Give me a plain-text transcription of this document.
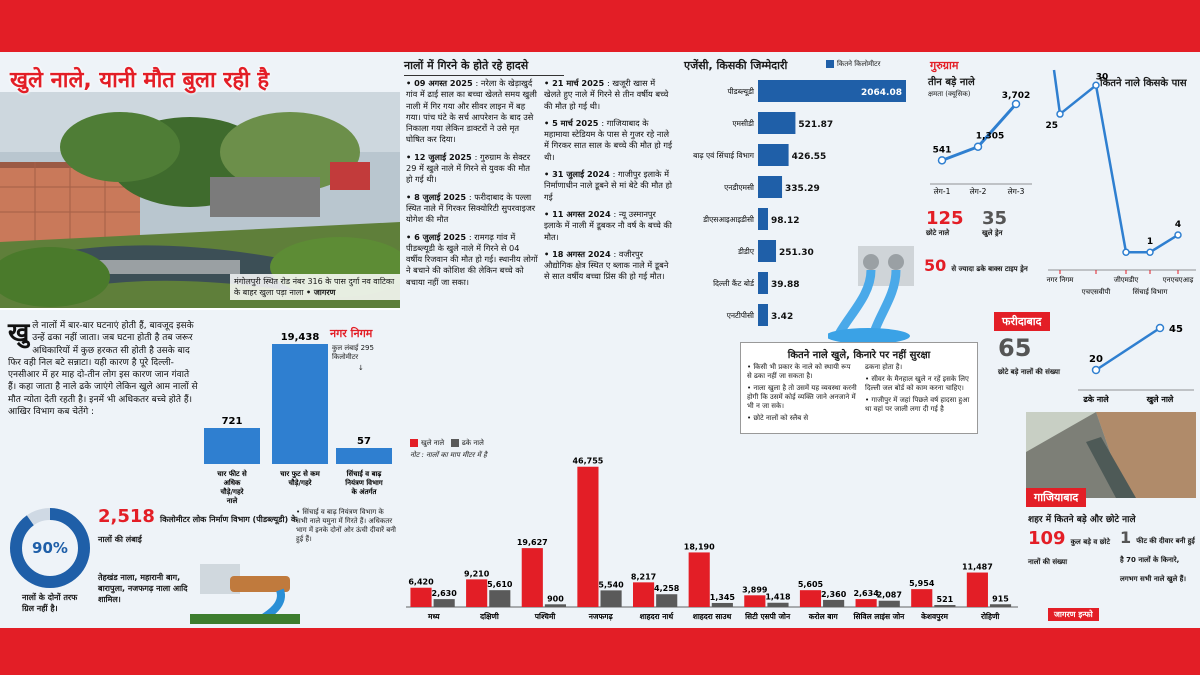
खुले नाले, यानी मौत बुला रही है
मंगोलपुरी स्थित रोड नंबर 316 के पास दुर्गा नव वाटिका के बाहर खुला पड़ा नाला • जागरण
खुले नालों में बार-बार घटनाएं होती हैं, बावजूद इसके उन्हें ढका नहीं जाता। जब घटना होती है तब जरूर अधिकारियों में कुछ हरकत सी होती है उसके बाद फिर वही निल बटे सन्नाटा। यही कारण है पूरे दिल्ली-एनसीआर में हर माह दो-तीन लोग इस कारण जान गंवाते हैं। कहा जाता है नाले ढके जाएंगे लेकिन खुले आम नालों से मौत न्योता देती रहती है। इनमें भी अधिकतर बच्चे होते हैं। आखिर विभाग कब चेतेंगे :
नगर निगम
कुल लंबाई 295 किलोमीटर
↓
721
चार फीट से
अधिक
चौड़े/गहरे
नाले
19,438
चार फुट से कम
चौड़े/गहरे
57
सिंचाई व बाढ़
नियंत्रण विभाग
के अंतर्गत
90%
नालों के दोनों तरफ ग्रिल नहीं है।
2,518 किलोमीटर लोक निर्माण विभाग (पीडब्ल्यूडी) के नालों की लंबाई
तेहखंड नाला, महारानी बाग, बारापुला, नजफगढ़ नाला आदि शामिल।
• सिंचाई व बाढ़ नियंत्रण विभाग के सभी नाले यमुना में गिरते हैं। अधिकतर भाग में इनके दोनों ओर ऊंची दीवारें बनी हुई हैं।
नालों में गिरने के होते रहे हादसे
• 09 अगस्त 2025 : नरेला के खेड़ाखुर्द गांव में ढाई साल का बच्चा खेलते समय खुली नाली में गिर गया और सीवर लाइन में बह गया। पांच घंटे के सर्च आपरेशन के बाद उसे निकाला गया लेकिन डाक्टरों ने उसे मृत घोषित कर दिया।
• 12 जुलाई 2025 : गुरुग्राम के सेक्टर 29 में खुले नाले में गिरने से युवक की मौत हो गई थी।
• 8 जुलाई 2025 : फरीदाबाद के पल्ला स्थित नाले में गिरकर सिक्योरिटी सुपरवाइजर योगेश की मौत
• 6 जुलाई 2025 : रामगढ़ गांव में पीडब्ल्यूडी के खुले नाले में गिरने से 04 वर्षीय रिजवान की मौत हो गई। स्थानीय लोगों ने बचाने की कोशिश की लेकिन बच्चे को बचाया नहीं जा सका।
• 21 मार्च 2025 : खजूरी खास में खेलते हुए नाले में गिरने से तीन वर्षीय बच्चे की मौत हो गई थी।
• 5 मार्च 2025 : गाजियाबाद के महामाया स्टेडियम के पास से गुजर रहे नाले में गिरकर सात साल के बच्चे की मौत हो गई थी।
• 31 जुलाई 2024 : गाजीपुर इलाके में निर्माणाधीन नाले डूबने से मां बेटे की मौत हो गई
• 11 अगस्त 2024 : न्यू उस्मानपुर इलाके में नाली में डूबकर नौ वर्ष के बच्चे की मौत।
• 18 अगस्त 2024 : वजीरपुर औद्योगिक क्षेत्र स्थित ए ब्लाक नाले में डूबने से सात वर्षीय बच्चा प्रिंस की हो गई मौत।
एजेंसी, किसकी जिम्मेदारी	कितने किलोमीटर
पीडब्ल्यूडी	2064.08
एमसीडी	521.87
बाढ़ एवं सिंचाई विभाग	426.55
एनडीएमसी	335.29
डीएसआइआइडीसी 98.12
डीडीए	251.30
दिल्ली कैंट बोर्ड 39.88
एनटीपीसी 3.42
गुरुग्राम
तीन बड़े नाले
क्षमता (क्यूसिक)
541
लेग-1
1,305
लेग-2
3,702
लेग-3
125
छोटे नाले
35
खुले ड्रेन
50 से ज्यादा ढके बाक्स टाइप ड्रेन
कितने नाले किसके पास
25
30
1
4
नगर निगम
एचएसवीपी
जीएमडीए
सिंचाई विभाग
एनएचएआइ
फरीदाबाद
65
छोटे बड़े नालों की संख्या
20
ढके नाले
45
खुले नाले
कितने नाले खुले, किनारे पर नहीं सुरक्षा
• किसी भी प्रकार के नाले को स्थायी रूप से ढका नहीं जा सकता है।
• नाला खुला है तो उसमें यह व्यवस्था करनी होगी कि उसमें कोई व्यक्ति जाने अनजाने में भी न जा सके।
• छोटे नालों को स्लैब से
ढकना होता है।
• सीवर के मैनहाल खुले न रहें इसके लिए दिल्ली जल बोर्ड को काम करना चाहिए।
• गाजीपुर में जहां पिछले वर्ष हादसा हुआ था वहां पर जाली लगा दी गई है
खुले नाले	ढके नाले
नोट : नालों का माप मीटर में है
6,420
2,630
मध्य
9,210
5,610
दक्षिणी
19,627
900
पश्चिमी
46,755
5,540
नजफगढ़
8,217
4,258
शाहदरा नार्थ
18,190
1,345
शाहदरा साउथ
3,899
1,418
सिटी एसपी जोन
5,605
2,360
करोल बाग
2,634
2,087
सिविल लाइंस जोन
5,954
521
केशवपुरम
11,487
915
रोहिणी
गाजियाबाद
शहर में कितने बड़े और छोटे नाले
109 कुल बड़े व छोटे नालों की संख्या
1 फीट की दीवार बनी हुई है 70 नालों के किनारे, लगभग सभी नाले खुले हैं।
जागरण इन्फो
